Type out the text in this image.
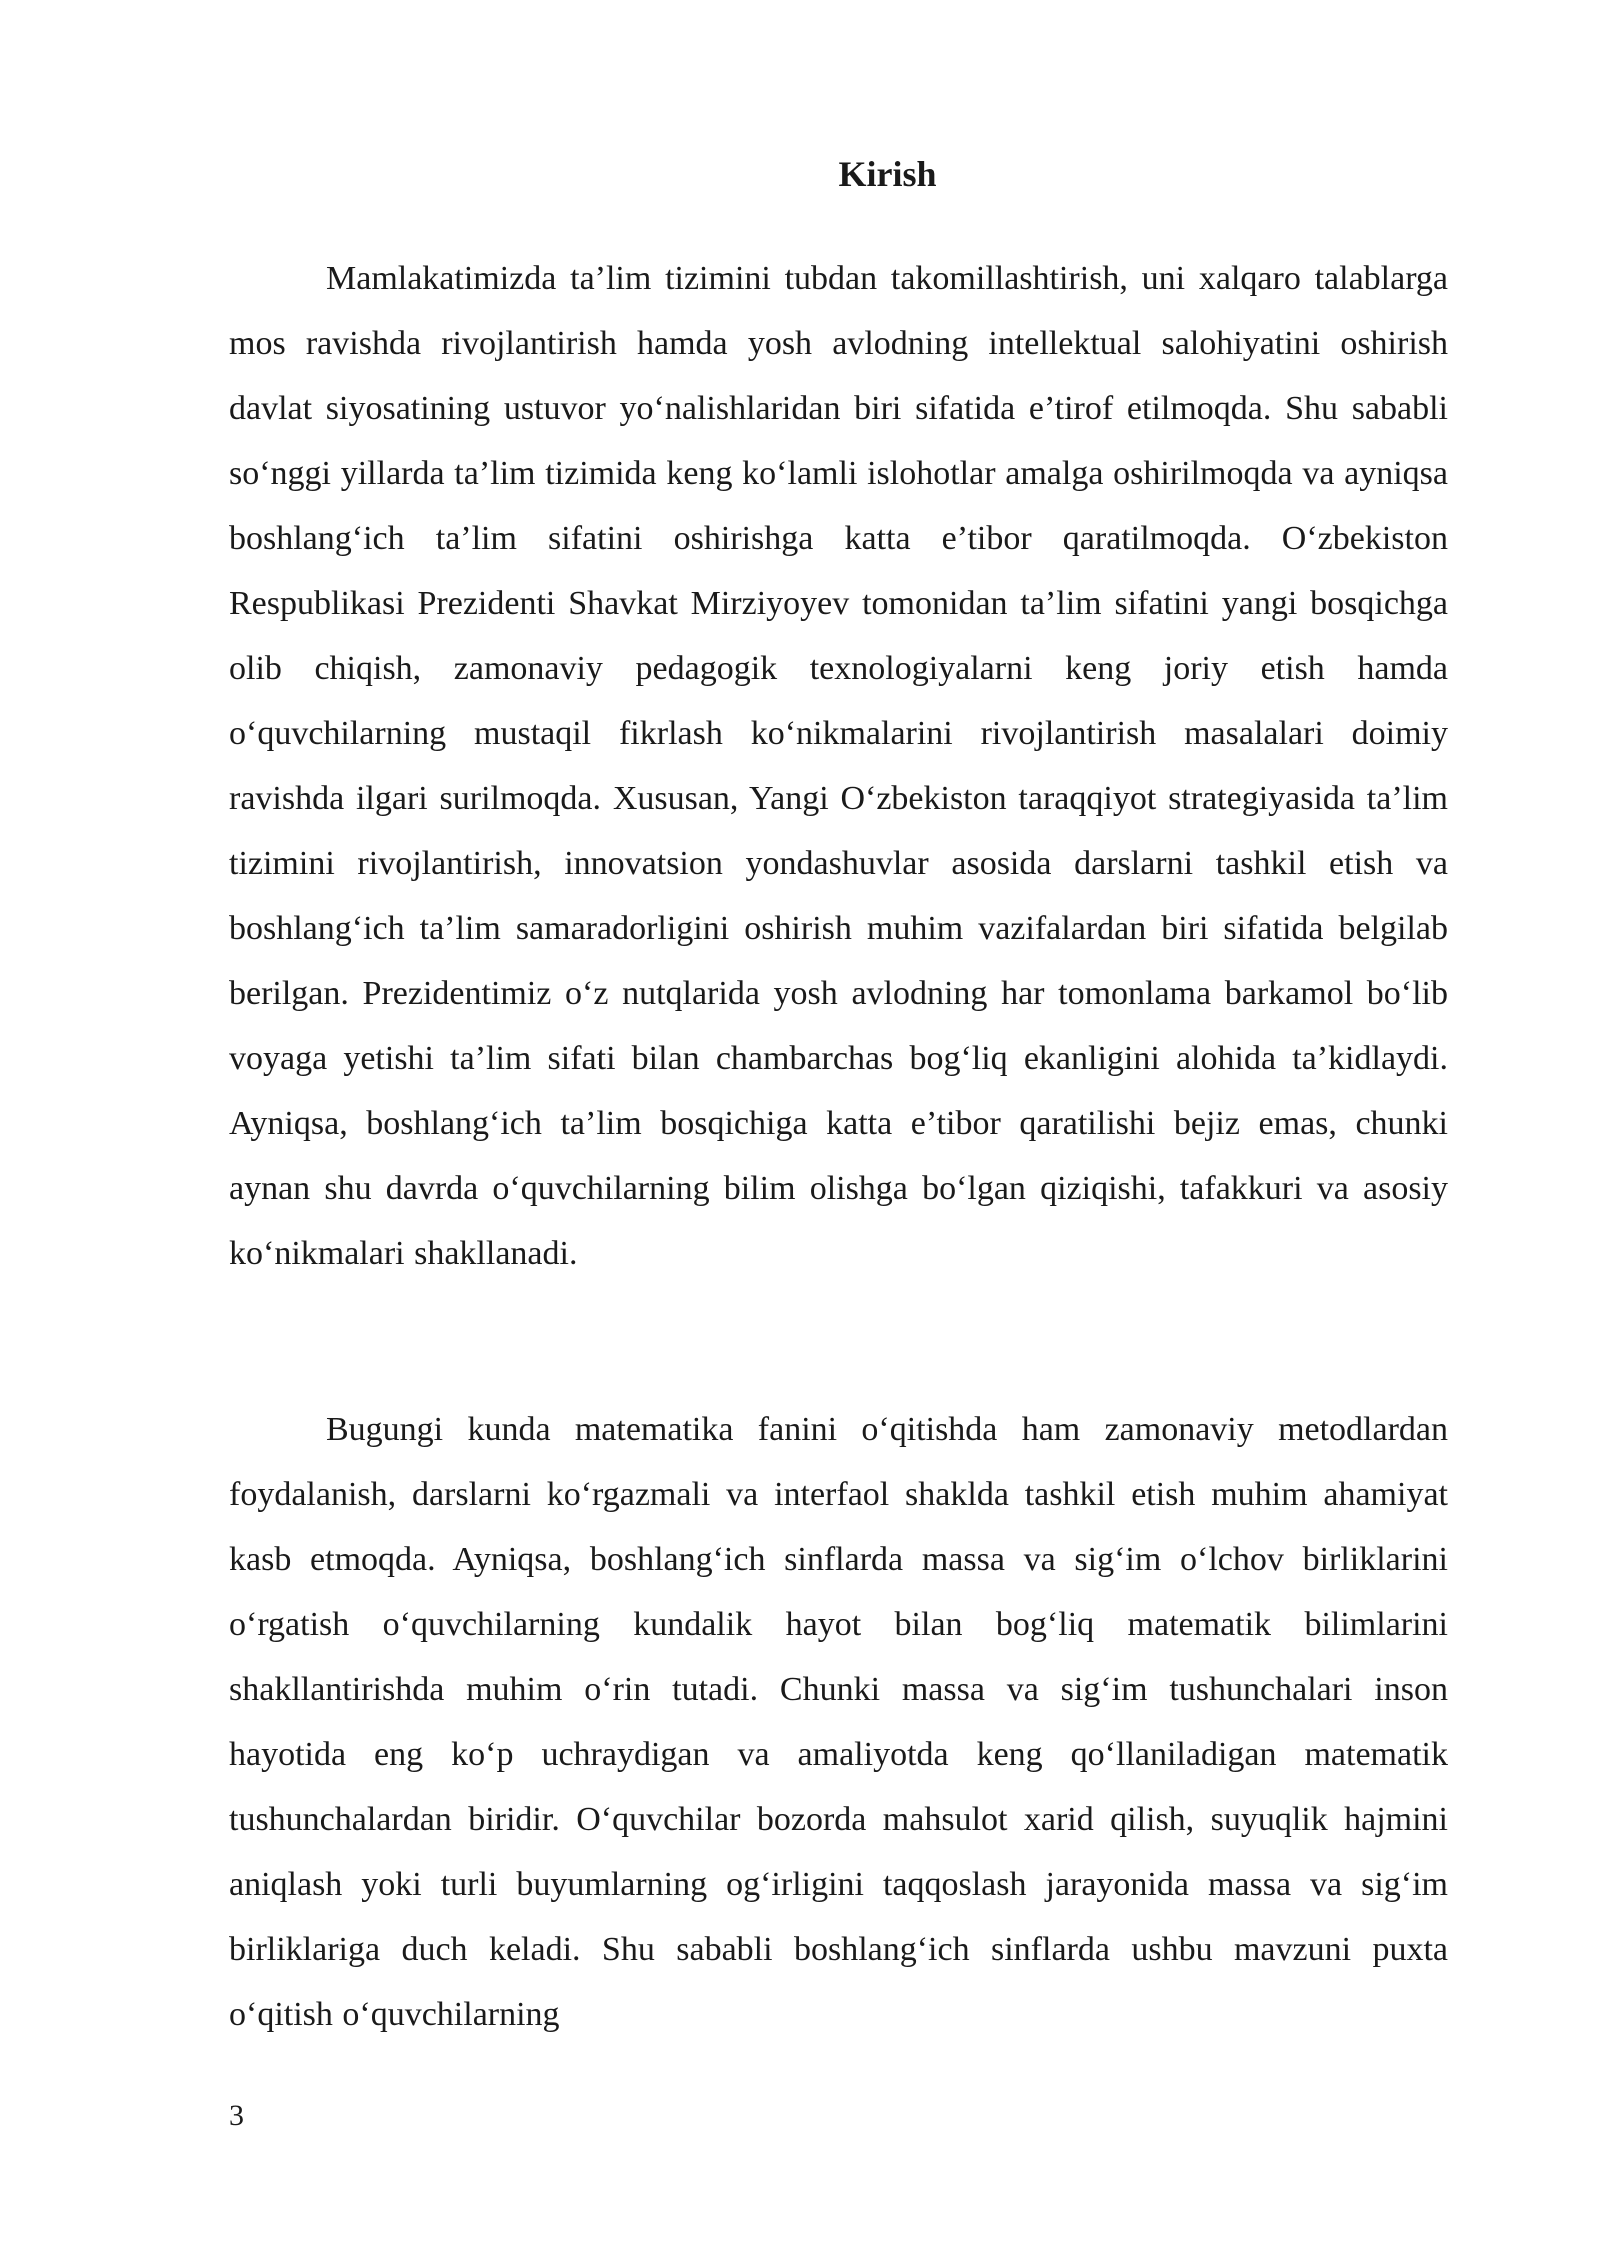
Kirish

Mamlakatimizda ta’lim tizimini tubdan takomillashtirish, uni xalqaro talablarga mos ravishda rivojlantirish hamda yosh avlodning intellektual salohiyatini oshirish davlat siyosatining ustuvor yo‘nalishlaridan biri sifatida e’tirof etilmoqda. Shu sababli so‘nggi yillarda ta’lim tizimida keng ko‘lamli islohotlar amalga oshirilmoqda va ayniqsa boshlang‘ich ta’lim sifatini oshirishga katta e’tibor qaratilmoqda. O‘zbekiston Respublikasi Prezidenti Shavkat Mirziyoyev tomonidan ta’lim sifatini yangi bosqichga olib chiqish, zamonaviy pedagogik texnologiyalarni keng joriy etish hamda o‘quvchilarning mustaqil fikrlash ko‘nikmalarini rivojlantirish masalalari doimiy ravishda ilgari surilmoqda. Xususan, Yangi O‘zbekiston taraqqiyot strategiyasida ta’lim tizimini rivojlantirish, innovatsion yondashuvlar asosida darslarni tashkil etish va boshlang‘ich ta’lim samaradorligini oshirish muhim vazifalardan biri sifatida belgilab berilgan. Prezidentimiz o‘z nutqlarida yosh avlodning har tomonlama barkamol bo‘lib voyaga yetishi ta’lim sifati bilan chambarchas bog‘liq ekanligini alohida ta’kidlaydi. Ayniqsa, boshlang‘ich ta’lim bosqichiga katta e’tibor qaratilishi bejiz emas, chunki aynan shu davrda o‘quvchilarning bilim olishga bo‘lgan qiziqishi, tafakkuri va asosiy ko‘nikmalari shakllanadi.

Bugungi kunda matematika fanini o‘qitishda ham zamonaviy metodlardan foydalanish, darslarni ko‘rgazmali va interfaol shaklda tashkil etish muhim ahamiyat kasb etmoqda. Ayniqsa, boshlang‘ich sinflarda massa va sig‘im o‘lchov birliklarini o‘rgatish o‘quvchilarning kundalik hayot bilan bog‘liq matematik bilimlarini shakllantirishda muhim o‘rin tutadi. Chunki massa va sig‘im tushunchalari inson hayotida eng ko‘p uchraydigan va amaliyotda keng qo‘llaniladigan matematik tushunchalardan biridir. O‘quvchilar bozorda mahsulot xarid qilish, suyuqlik hajmini aniqlash yoki turli buyumlarning og‘irligini taqqoslash jarayonida massa va sig‘im birliklariga duch keladi. Shu sababli boshlang‘ich sinflarda ushbu mavzuni puxta o‘qitish o‘quvchilarning

3
